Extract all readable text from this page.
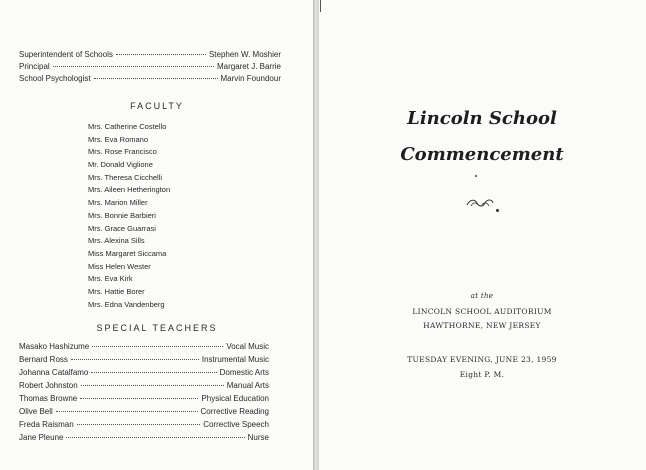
Superintendent of Schools	Stephen W. Moshier
Principal	Margaret J. Barrie
School Psychologist	Marvin Foundour
FACULTY
Mrs. Catherine Costello
Mrs. Eva Romano
Mrs. Rose Francisco
Mr. Donald Viglione
Mrs. Theresa Cicchelli
Mrs. Aileen Hetherington
Mrs. Marion Miller
Mrs. Bonnie Barbieri
Mrs. Grace Guarrasi
Mrs. Alexina Sills
Miss Margaret Siccama
Miss Helen Wester
Mrs. Eva Kirk
Mrs. Hattie Borer
Mrs. Edna Vandenberg
SPECIAL TEACHERS
Masako Hashizume	Vocal Music
Bernard Ross	Instrumental Music
Johanna Catalfamo	Domestic Arts
Robert Johnston	Manual Arts
Thomas Browne	Physical Education
Olive Bell	Corrective Reading
Freda Raisman	Corrective Speech
Jane Pleune	Nurse
Lincoln School
Commencement
at the
LINCOLN SCHOOL AUDITORIUM
HAWTHORNE, NEW JERSEY
TUESDAY EVENING, JUNE 23, 1959
Eight P. M.
